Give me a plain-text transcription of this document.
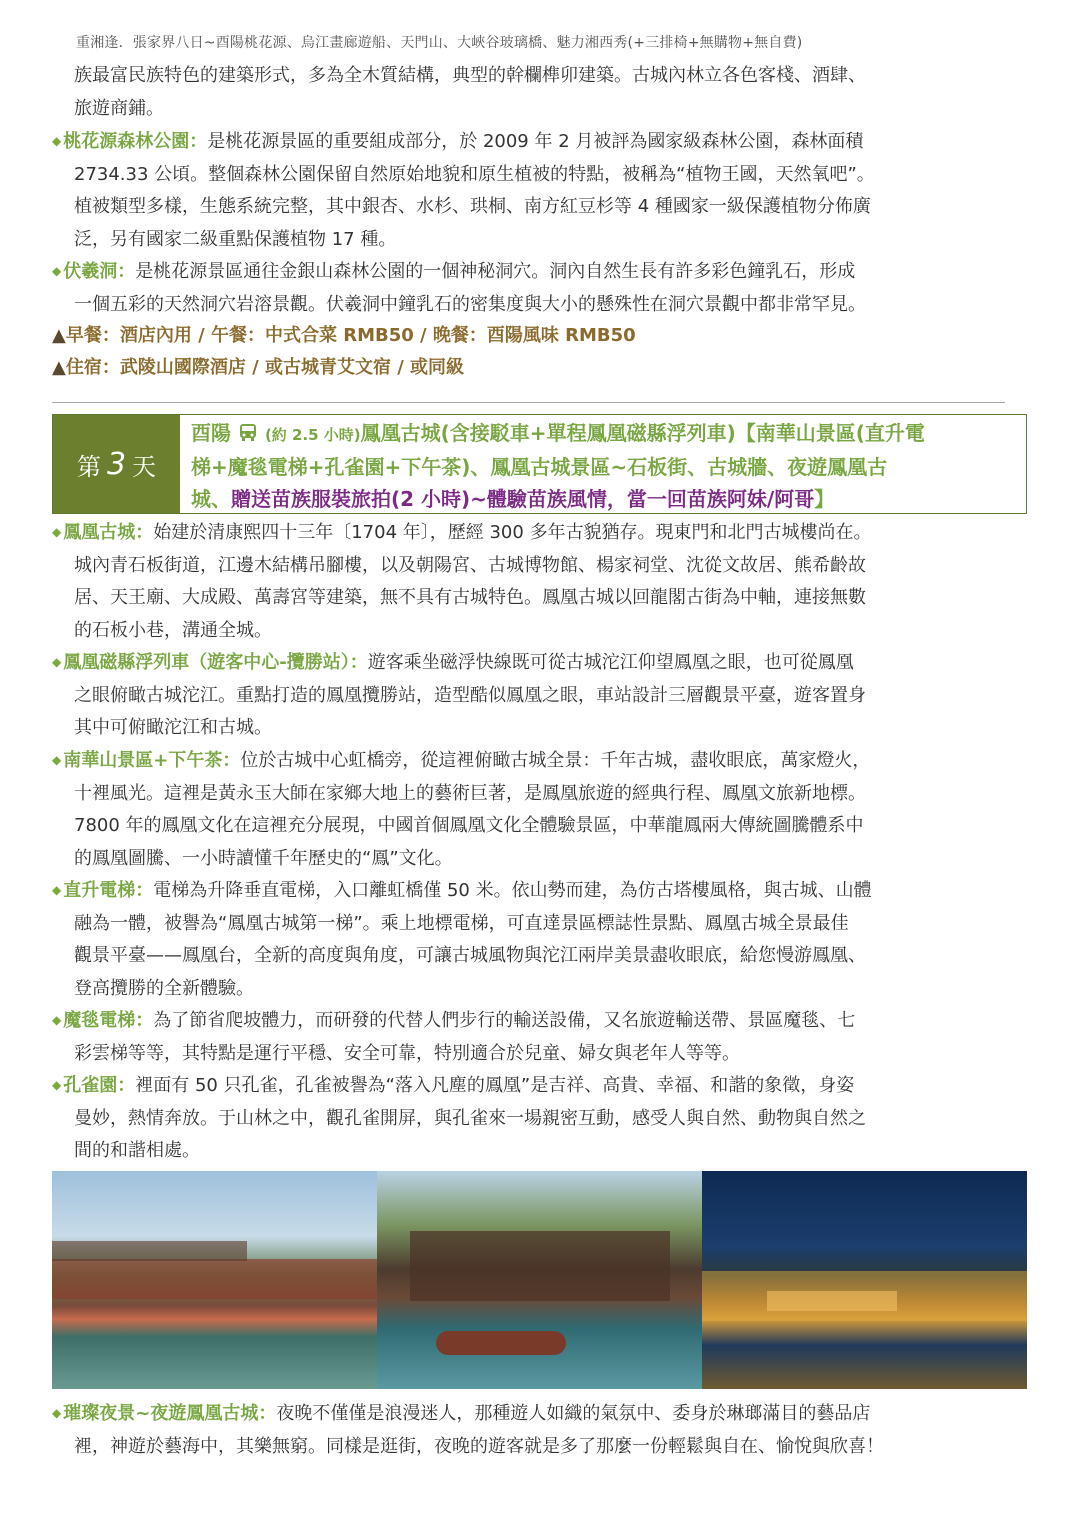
重湘逢．張家界八日~酉陽桃花源、烏江畫廊遊船、天門山、大峽谷玻璃橋、魅力湘西秀(+三排椅+無購物+無自費)
族最富民族特色的建築形式，多為全木質結構，典型的幹欄榫卯建築。古城內林立各色客棧、酒肆、
旅遊商鋪。
◆ 桃花源森林公園：是桃花源景區的重要組成部分，於 2009 年 2 月被評為國家級森林公園，森林面積
2734.33 公頃。整個森林公園保留自然原始地貌和原生植被的特點，被稱為“植物王國，天然氧吧”。
植被類型多樣，生態系統完整，其中銀杏、水杉、珙桐、南方紅豆杉等 4 種國家一級保護植物分佈廣
泛，另有國家二級重點保護植物 17 種。
◆ 伏羲洞：是桃花源景區通往金銀山森林公園的一個神秘洞穴。洞內自然生長有許多彩色鐘乳石，形成
一個五彩的天然洞穴岩溶景觀。伏羲洞中鐘乳石的密集度與大小的懸殊性在洞穴景觀中都非常罕見。
▲早餐：酒店內用 / 午餐：中式合菜 RMB50 / 晚餐：酉陽風味 RMB50
▲住宿：武陵山國際酒店 / 或古城青艾文宿 / 或同級
第 3 天
酉陽 (約 2.5 小時)鳳凰古城(含接駁車+單程鳳凰磁縣浮列車)【南華山景區(直升電
梯+魔毯電梯+孔雀園+下午茶)、鳳凰古城景區~石板街、古城牆、夜遊鳳凰古
城、贈送苗族服裝旅拍(2 小時)~體驗苗族風情，當一回苗族阿妹/阿哥】
◆ 鳳凰古城：始建於清康熙四十三年〔1704 年〕，歷經 300 多年古貌猶存。現東門和北門古城樓尚在。
城內青石板街道，江邊木結構吊腳樓，以及朝陽宮、古城博物館、楊家祠堂、沈從文故居、熊希齡故
居、天王廟、大成殿、萬壽宮等建築，無不具有古城特色。鳳凰古城以回龍閣古街為中軸，連接無數
的石板小巷，溝通全城。
◆ 鳳凰磁縣浮列車（遊客中心-攬勝站）：遊客乘坐磁浮快線既可從古城沱江仰望鳳凰之眼，也可從鳳凰
之眼俯瞰古城沱江。重點打造的鳳凰攬勝站，造型酷似鳳凰之眼，車站設計三層觀景平臺，遊客置身
其中可俯瞰沱江和古城。
◆ 南華山景區+下午茶：位於古城中心虹橋旁，從這裡俯瞰古城全景：千年古城，盡收眼底，萬家燈火，
十裡風光。這裡是黃永玉大師在家鄉大地上的藝術巨著，是鳳凰旅遊的經典行程、鳳凰文旅新地標。
7800 年的鳳凰文化在這裡充分展現，中國首個鳳凰文化全體驗景區，中華龍鳳兩大傳統圖騰體系中
的鳳凰圖騰、一小時讀懂千年歷史的“鳳”文化。
◆ 直升電梯：電梯為升降垂直電梯，入口離虹橋僅 50 米。依山勢而建，為仿古塔樓風格，與古城、山體
融為一體，被譽為“鳳凰古城第一梯”。乘上地標電梯，可直達景區標誌性景點、鳳凰古城全景最佳
觀景平臺——鳳凰台，全新的高度與角度，可讓古城風物與沱江兩岸美景盡收眼底，給您慢游鳳凰、
登高攬勝的全新體驗。
◆ 魔毯電梯：為了節省爬坡體力，而研發的代替人們步行的輸送設備，又名旅遊輸送帶、景區魔毯、七
彩雲梯等等，其特點是運行平穩、安全可靠，特別適合於兒童、婦女與老年人等等。
◆ 孔雀園：裡面有 50 只孔雀，孔雀被譽為“落入凡塵的鳳凰”是吉祥、高貴、幸福、和諧的象徵，身姿
曼妙，熱情奔放。于山林之中，觀孔雀開屏，與孔雀來一場親密互動，感受人與自然、動物與自然之
間的和諧相處。
◆ 璀璨夜景~夜遊鳳凰古城：夜晚不僅僅是浪漫迷人，那種遊人如織的氣氛中、委身於琳瑯滿目的藝品店
裡，神遊於藝海中，其樂無窮。同樣是逛街，夜晚的遊客就是多了那麼一份輕鬆與自在、愉悅與欣喜！
